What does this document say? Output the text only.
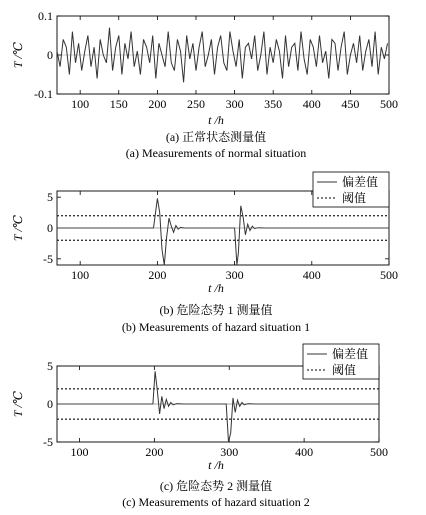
0.1
0
-0.1
100 150 200 250 300 350 400 450 500
T /℃
t /h
(a) 正常状态测量值
(a) Measurements of normal situation
5
0
-5
100	200	300	400	500
偏差值
阈值
T /℃
t /h
(b) 危险态势 1 测量值
(b) Measurements of hazard situation 1
5
0
-5
100	200	300	400	500
偏差值
阈值
T /℃
t /h
(c) 危险态势 2 测量值
(c) Measurements of hazard situation 2
